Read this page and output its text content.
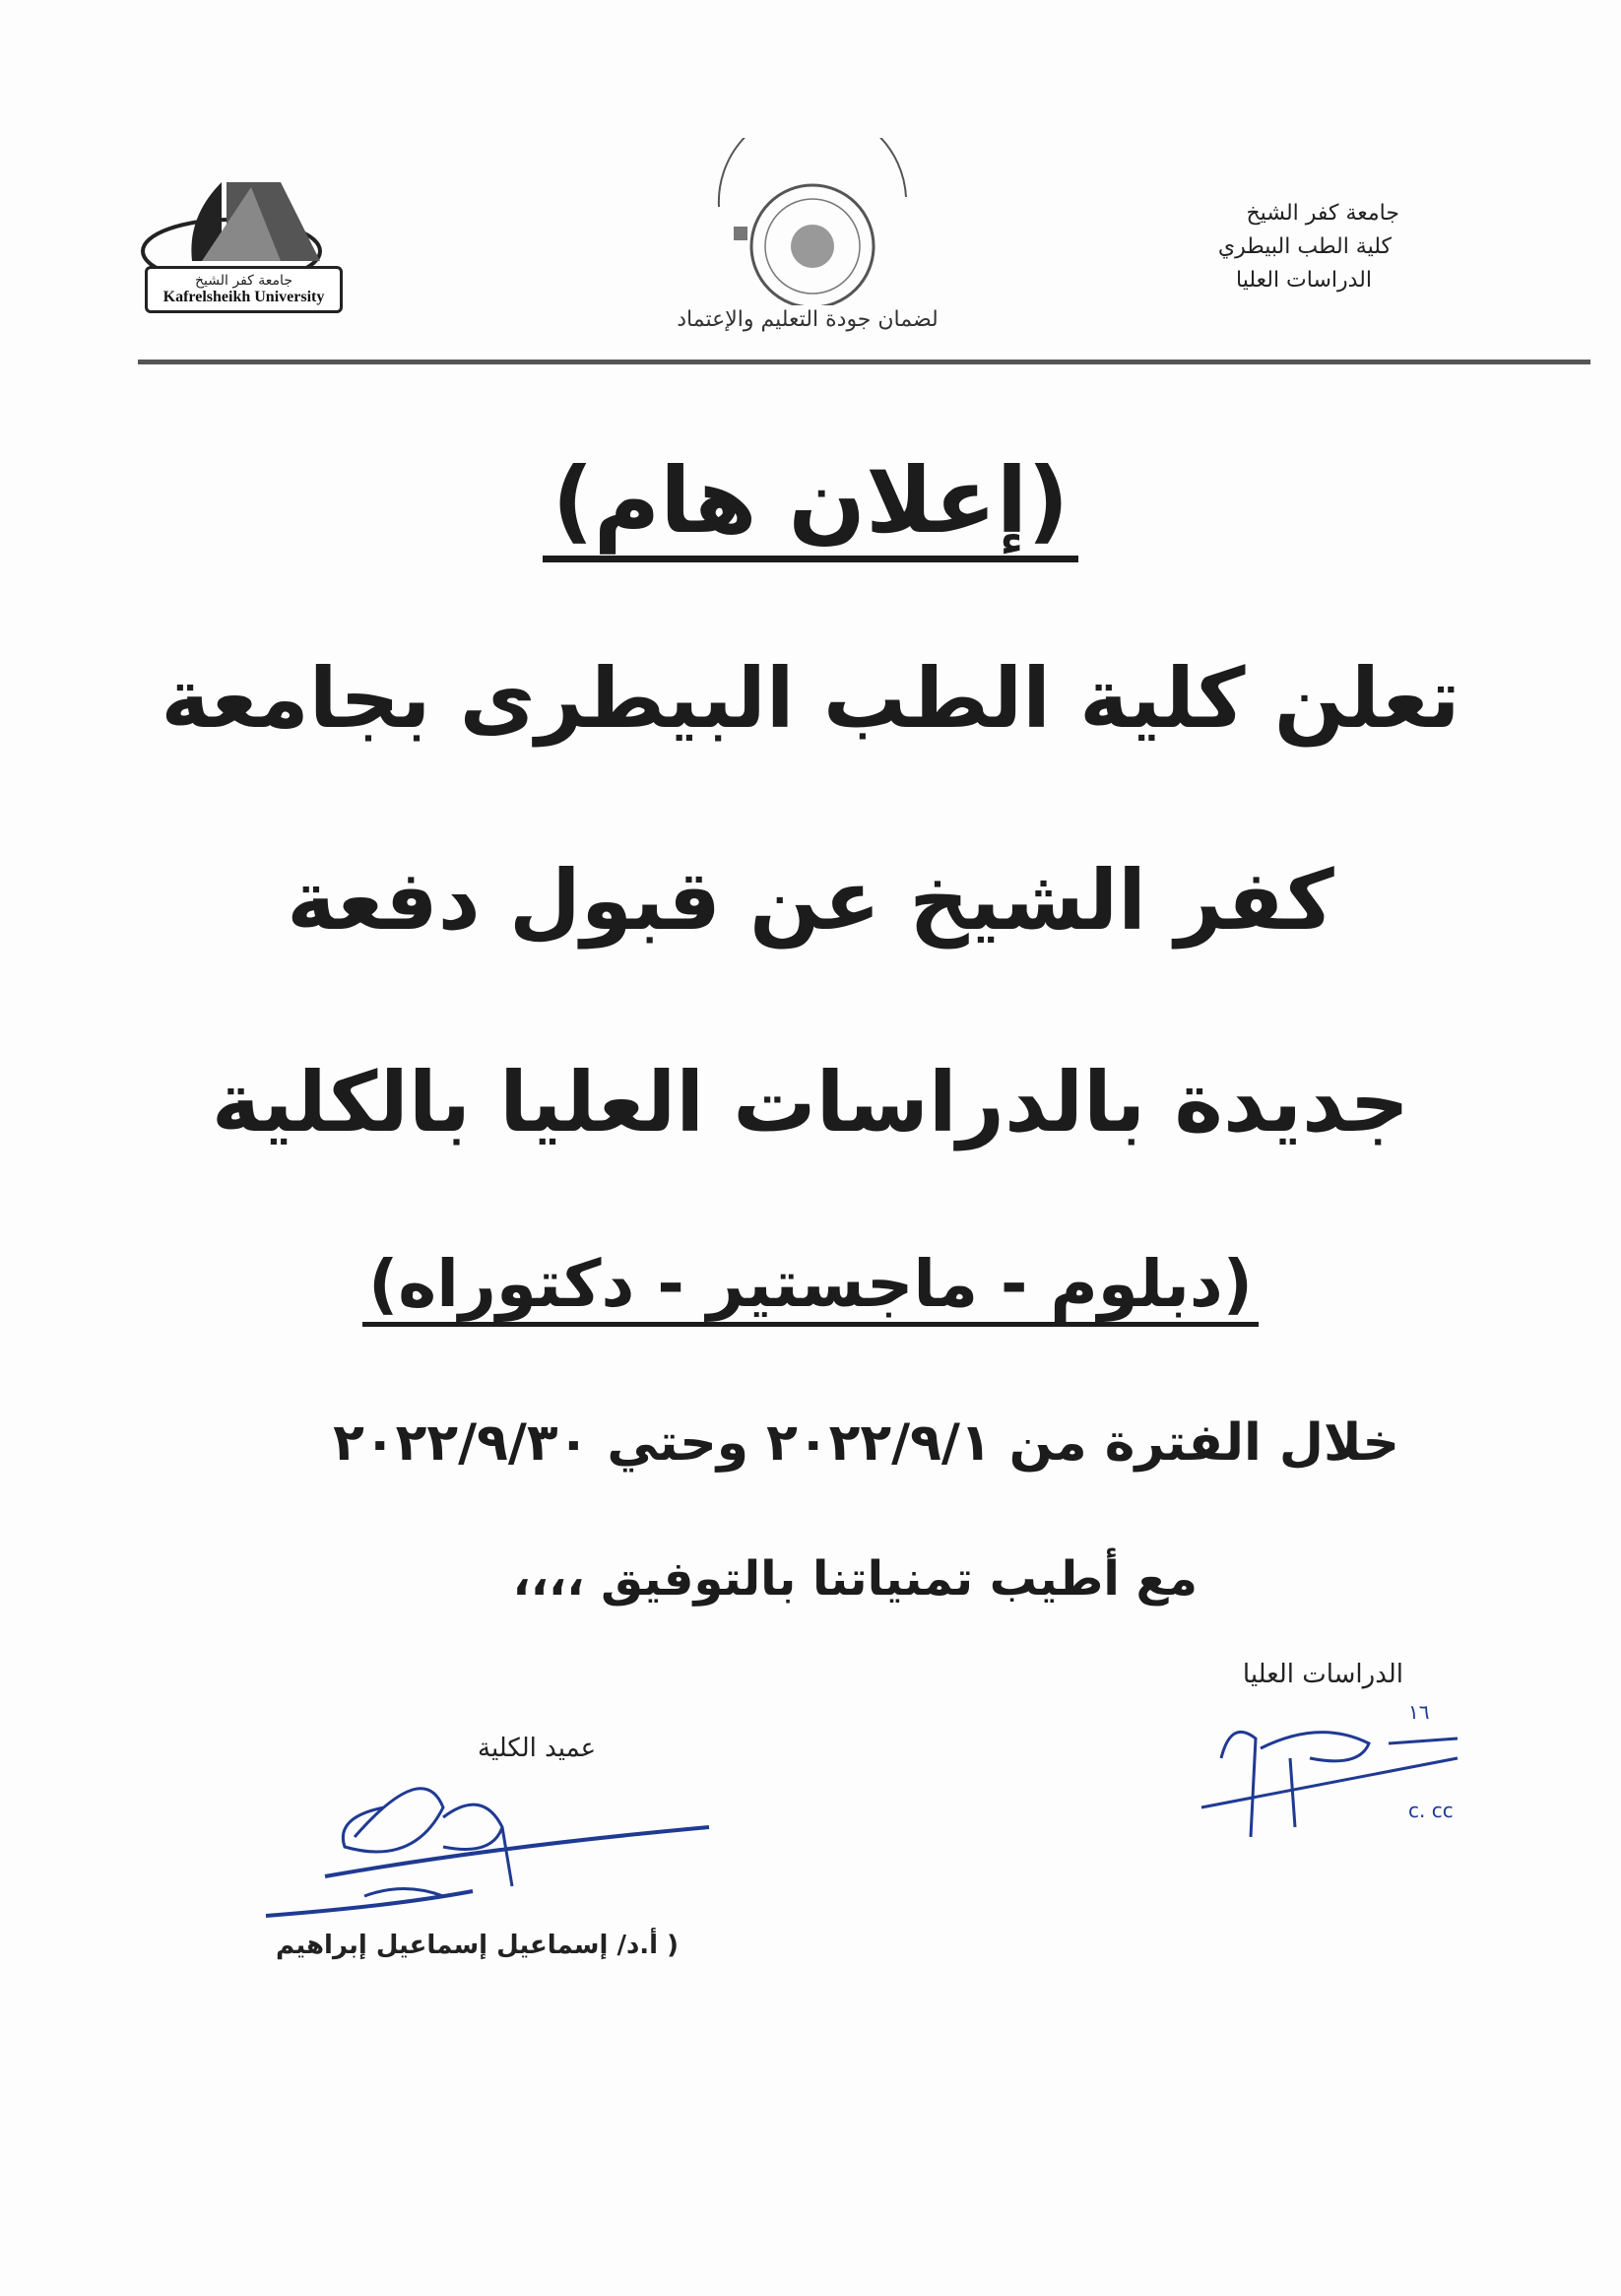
جامعة كفر الشيخ
Kafrelsheikh University
لضمان جودة التعليم والإعتماد
جامعة كفر الشيخ
كلية الطب البيطري
الدراسات العليا
(إعلان هام)
تعلن كلية الطب البيطرى بجامعة
كفر الشيخ عن قبول دفعة
جديدة بالدراسات العليا بالكلية
(دبلوم - ماجستير - دكتوراه)
خلال الفترة من ٢٠٢٢/٩/١ وحتي ٢٠٢٢/٩/٣٠
مع أطيب تمنياتنا بالتوفيق ،،،،
الدراسات العليا
c. cc
١٦
عميد الكلية
( أ.د/ إسماعيل إسماعيل إبراهيم
